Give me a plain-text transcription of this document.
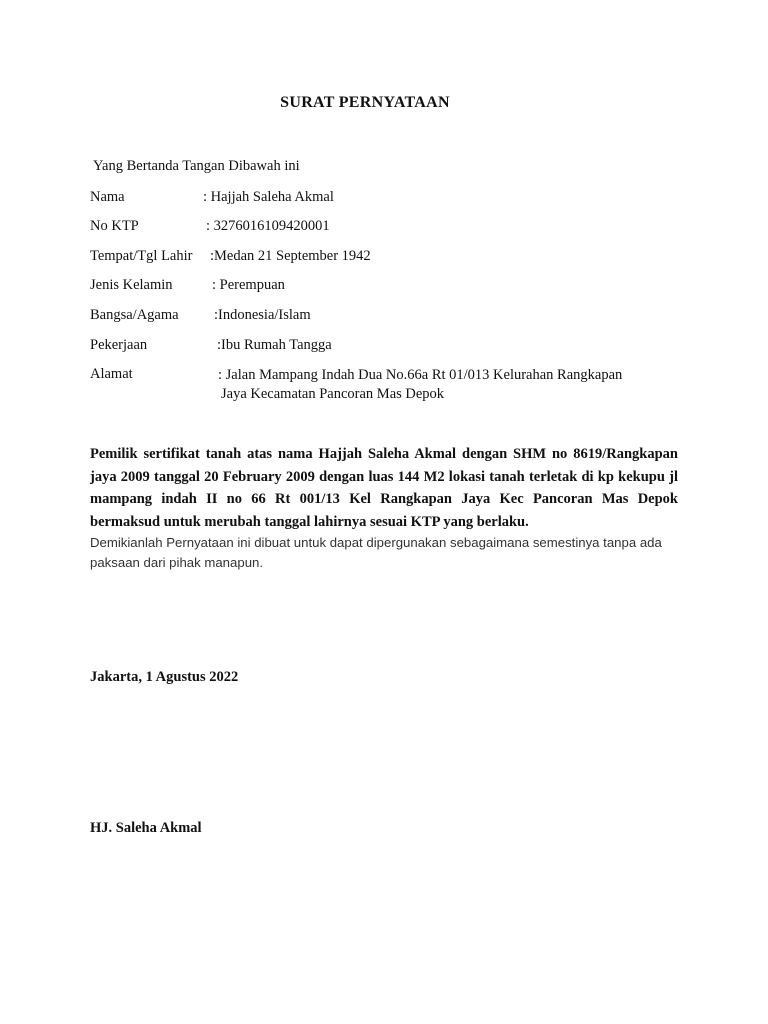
SURAT PERNYATAAN
Yang Bertanda Tangan Dibawah ini
Nama	: Hajjah Saleha Akmal
No KTP	: 3276016109420001
Tempat/Tgl Lahir :Medan 21 September 1942
Jenis Kelamin	: Perempuan
Bangsa/Agama :Indonesia/Islam
Pekerjaan	:Ibu Rumah Tangga
Alamat	: Jalan Mampang Indah Dua No.66a Rt 01/013 Kelurahan Rangkapan
Jaya Kecamatan Pancoran Mas Depok
Pemilik sertifikat tanah atas nama Hajjah Saleha Akmal dengan SHM no 8619/Rangkapan jaya 2009 tanggal 20 February 2009 dengan luas 144 M2 lokasi tanah terletak di kp kekupu jl mampang indah II no 66 Rt 001/13 Kel Rangkapan Jaya Kec Pancoran Mas Depok bermaksud untuk merubah tanggal lahirnya sesuai KTP yang berlaku.
Demikianlah Pernyataan ini dibuat untuk dapat dipergunakan sebagaimana semestinya tanpa ada paksaan dari pihak manapun.
Jakarta, 1 Agustus 2022
HJ. Saleha Akmal
